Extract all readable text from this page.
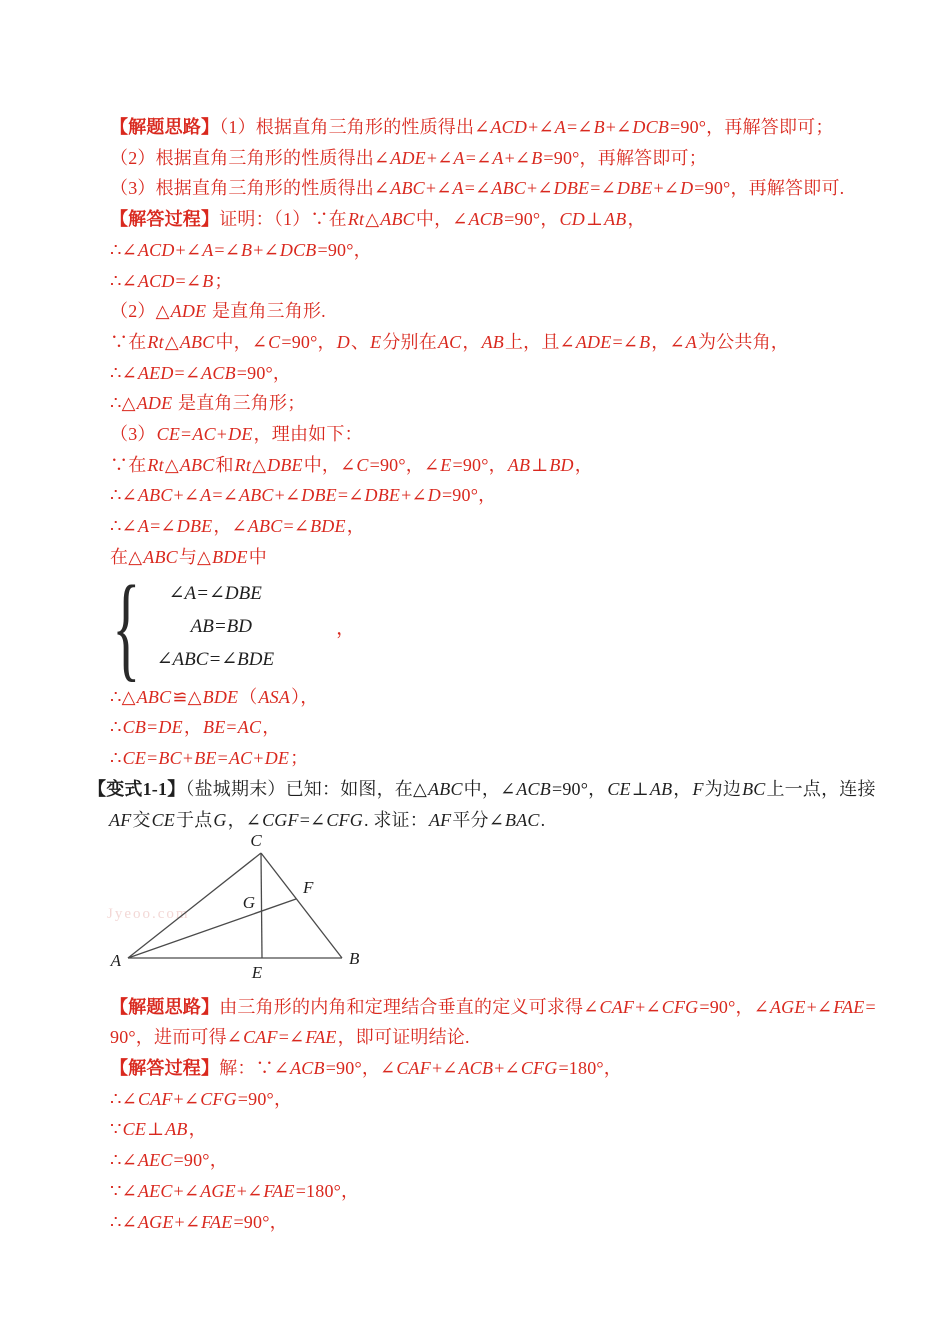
【解题思路】（1）根据直角三角形的性质得出∠ACD+∠A=∠B+∠DCB=90°，再解答即可；
（2）根据直角三角形的性质得出∠ADE+∠A=∠A+∠B=90°，再解答即可；
（3）根据直角三角形的性质得出∠ABC+∠A=∠ABC+∠DBE=∠DBE+∠D=90°，再解答即可.
【解答过程】证明：（1）∵在Rt△ABC中，∠ACB=90°，CD⊥AB，
∴∠ACD+∠A=∠B+∠DCB=90°，
∴∠ACD=∠B；
（2）△ADE 是直角三角形.
∵在Rt△ABC中，∠C=90°，D、E分别在AC，AB上，且∠ADE=∠B，∠A为公共角，
∴∠AED=∠ACB=90°，
∴△ADE 是直角三角形；
（3）CE=AC+DE，理由如下：
∵在Rt△ABC和Rt△DBE中，∠C=90°，∠E=90°，AB⊥BD，
∴∠ABC+∠A=∠ABC+∠DBE=∠DBE+∠D=90°，
∴∠A=∠DBE，∠ABC=∠BDE，
在△ABC与△BDE中
{ ∠A=∠DBE
AB=BD
∠ABC=∠BDE
，
∴△ABC≌△BDE（ASA），
∴CB=DE，BE=AC，
∴CE=BC+BE=AC+DE；
【变式1-1】（盐城期末）已知：如图，在△ABC中，∠ACB=90°，CE⊥AB，F为边BC上一点，连接
AF交CE于点G，∠CGF=∠CFG. 求证：AF平分∠BAC.
Jyeoo.com
C
F
G
A
E
B
【解题思路】由三角形的内角和定理结合垂直的定义可求得∠CAF+∠CFG=90°，∠AGE+∠FAE=
90°，进而可得∠CAF=∠FAE，即可证明结论.
【解答过程】解：∵∠ACB=90°，∠CAF+∠ACB+∠CFG=180°，
∴∠CAF+∠CFG=90°，
∵CE⊥AB，
∴∠AEC=90°，
∵∠AEC+∠AGE+∠FAE=180°，
∴∠AGE+∠FAE=90°，
